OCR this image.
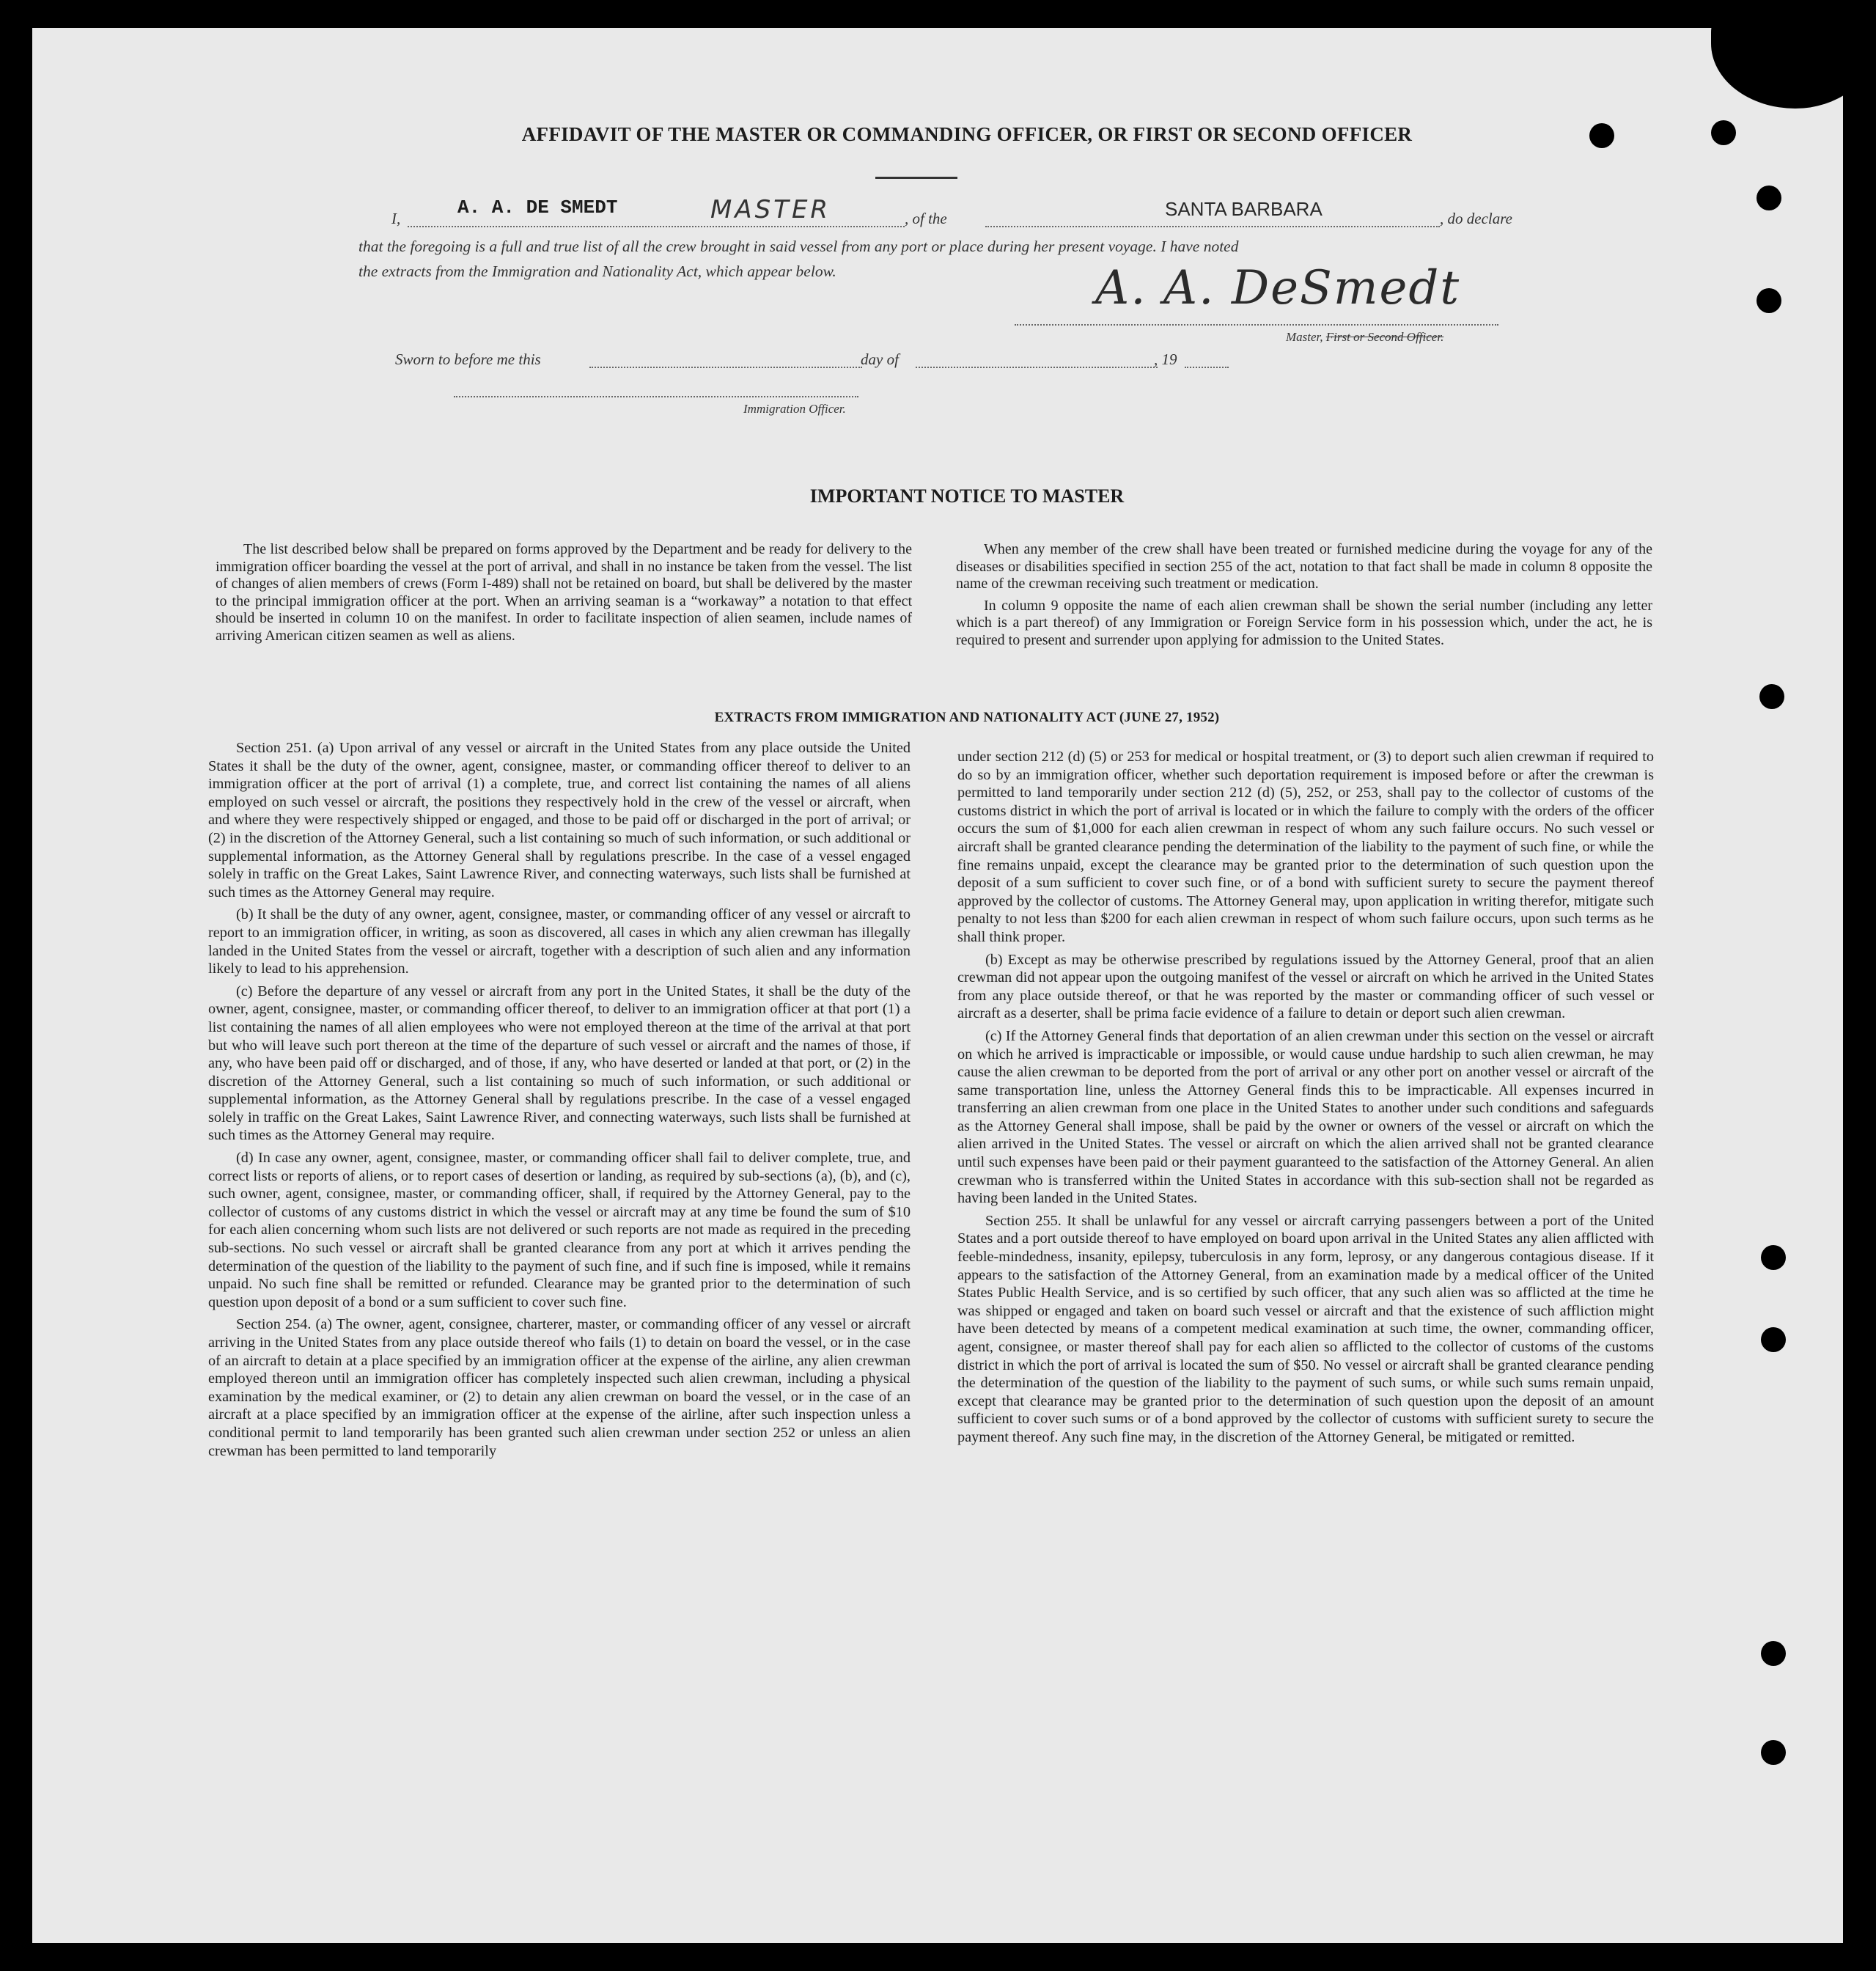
AFFIDAVIT OF THE MASTER OR COMMANDING OFFICER, OR FIRST OR SECOND OFFICER
I,	A. A. DE SMEDT	MASTER	, of the	SANTA BARBARA	, do declare
that the foregoing is a full and true list of all the crew brought in said vessel from any port or place during her present voyage. I have noted
the extracts from the Immigration and Nationality Act, which appear below.	A. A. DeSmedt
Master, First or Second Officer.
Sworn to before me this	day of	, 19
Immigration Officer.
IMPORTANT NOTICE TO MASTER

The list described below shall be prepared on forms approved by the Department and be ready for delivery to the immigration officer boarding the vessel at the port of arrival, and shall in no instance be taken from the vessel. The list of changes of alien members of crews (Form I-489) shall not be retained on board, but shall be delivered by the master to the principal immigration officer at the port. When an arriving seaman is a “workaway” a notation to that effect should be inserted in column 10 on the manifest. In order to facilitate inspection of alien seamen, include names of arriving American citizen seamen as well as aliens.

When any member of the crew shall have been treated or furnished medicine during the voyage for any of the diseases or disabilities specified in section 255 of the act, notation to that fact shall be made in column 8 opposite the name of the crewman receiving such treatment or medication.

In column 9 opposite the name of each alien crewman shall be shown the serial number (including any letter which is a part thereof) of any Immigration or Foreign Service form in his possession which, under the act, he is required to present and surrender upon applying for admission to the United States.

EXTRACTS FROM IMMIGRATION AND NATIONALITY ACT (JUNE 27, 1952)

Section 251. (a) Upon arrival of any vessel or aircraft in the United States from any place outside the United States it shall be the duty of the owner, agent, consignee, master, or commanding officer thereof to deliver to an immigration officer at the port of arrival (1) a complete, true, and correct list containing the names of all aliens employed on such vessel or aircraft, the positions they respectively hold in the crew of the vessel or aircraft, when and where they were respectively shipped or engaged, and those to be paid off or discharged in the port of arrival; or (2) in the discretion of the Attorney General, such a list containing so much of such information, or such additional or supplemental information, as the Attorney General shall by regulations prescribe. In the case of a vessel engaged solely in traffic on the Great Lakes, Saint Lawrence River, and connecting waterways, such lists shall be furnished at such times as the Attorney General may require.

(b) It shall be the duty of any owner, agent, consignee, master, or commanding officer of any vessel or aircraft to report to an immigration officer, in writing, as soon as discovered, all cases in which any alien crewman has illegally landed in the United States from the vessel or aircraft, together with a description of such alien and any information likely to lead to his apprehension.

(c) Before the departure of any vessel or aircraft from any port in the United States, it shall be the duty of the owner, agent, consignee, master, or commanding officer thereof, to deliver to an immigration officer at that port (1) a list containing the names of all alien employees who were not employed thereon at the time of the arrival at that port but who will leave such port thereon at the time of the departure of such vessel or aircraft and the names of those, if any, who have been paid off or discharged, and of those, if any, who have deserted or landed at that port, or (2) in the discretion of the Attorney General, such a list containing so much of such information, or such additional or supplemental information, as the Attorney General shall by regulations prescribe. In the case of a vessel engaged solely in traffic on the Great Lakes, Saint Lawrence River, and connecting waterways, such lists shall be furnished at such times as the Attorney General may require.

(d) In case any owner, agent, consignee, master, or commanding officer shall fail to deliver complete, true, and correct lists or reports of aliens, or to report cases of desertion or landing, as required by sub-sections (a), (b), and (c), such owner, agent, consignee, master, or commanding officer, shall, if required by the Attorney General, pay to the collector of customs of any customs district in which the vessel or aircraft may at any time be found the sum of $10 for each alien concerning whom such lists are not delivered or such reports are not made as required in the preceding sub-sections. No such vessel or aircraft shall be granted clearance from any port at which it arrives pending the determination of the question of the liability to the payment of such fine, and if such fine is imposed, while it remains unpaid. No such fine shall be remitted or refunded. Clearance may be granted prior to the determination of such question upon deposit of a bond or a sum sufficient to cover such fine.

Section 254. (a) The owner, agent, consignee, charterer, master, or commanding officer of any vessel or aircraft arriving in the United States from any place outside thereof who fails (1) to detain on board the vessel, or in the case of an aircraft to detain at a place specified by an immigration officer at the expense of the airline, any alien crewman employed thereon until an immigration officer has completely inspected such alien crewman, including a physical examination by the medical examiner, or (2) to detain any alien crewman on board the vessel, or in the case of an aircraft at a place specified by an immigration officer at the expense of the airline, after such inspection unless a conditional permit to land temporarily has been granted such alien crewman under section 252 or unless an alien crewman has been permitted to land temporarily

under section 212 (d) (5) or 253 for medical or hospital treatment, or (3) to deport such alien crewman if required to do so by an immigration officer, whether such deportation requirement is imposed before or after the crewman is permitted to land temporarily under section 212 (d) (5), 252, or 253, shall pay to the collector of customs of the customs district in which the port of arrival is located or in which the failure to comply with the orders of the officer occurs the sum of $1,000 for each alien crewman in respect of whom any such failure occurs. No such vessel or aircraft shall be granted clearance pending the determination of the liability to the payment of such fine, or while the fine remains unpaid, except the clearance may be granted prior to the determination of such question upon the deposit of a sum sufficient to cover such fine, or of a bond with sufficient surety to secure the payment thereof approved by the collector of customs. The Attorney General may, upon application in writing therefor, mitigate such penalty to not less than $200 for each alien crewman in respect of whom such failure occurs, upon such terms as he shall think proper.

(b) Except as may be otherwise prescribed by regulations issued by the Attorney General, proof that an alien crewman did not appear upon the outgoing manifest of the vessel or aircraft on which he arrived in the United States from any place outside thereof, or that he was reported by the master or commanding officer of such vessel or aircraft as a deserter, shall be prima facie evidence of a failure to detain or deport such alien crewman.

(c) If the Attorney General finds that deportation of an alien crewman under this section on the vessel or aircraft on which he arrived is impracticable or impossible, or would cause undue hardship to such alien crewman, he may cause the alien crewman to be deported from the port of arrival or any other port on another vessel or aircraft of the same transportation line, unless the Attorney General finds this to be impracticable. All expenses incurred in transferring an alien crewman from one place in the United States to another under such conditions and safeguards as the Attorney General shall impose, shall be paid by the owner or owners of the vessel or aircraft on which the alien arrived in the United States. The vessel or aircraft on which the alien arrived shall not be granted clearance until such expenses have been paid or their payment guaranteed to the satisfaction of the Attorney General. An alien crewman who is transferred within the United States in accordance with this sub-section shall not be regarded as having been landed in the United States.

Section 255. It shall be unlawful for any vessel or aircraft carrying passengers between a port of the United States and a port outside thereof to have employed on board upon arrival in the United States any alien afflicted with feeble-mindedness, insanity, epilepsy, tuberculosis in any form, leprosy, or any dangerous contagious disease. If it appears to the satisfaction of the Attorney General, from an examination made by a medical officer of the United States Public Health Service, and is so certified by such officer, that any such alien was so afflicted at the time he was shipped or engaged and taken on board such vessel or aircraft and that the existence of such affliction might have been detected by means of a competent medical examination at such time, the owner, commanding officer, agent, consignee, or master thereof shall pay for each alien so afflicted to the collector of customs of the customs district in which the port of arrival is located the sum of $50. No vessel or aircraft shall be granted clearance pending the determination of the question of the liability to the payment of such sums, or while such sums remain unpaid, except that clearance may be granted prior to the determination of such question upon the deposit of an amount sufficient to cover such sums or of a bond approved by the collector of customs with sufficient surety to secure the payment thereof. Any such fine may, in the discretion of the Attorney General, be mitigated or remitted.
